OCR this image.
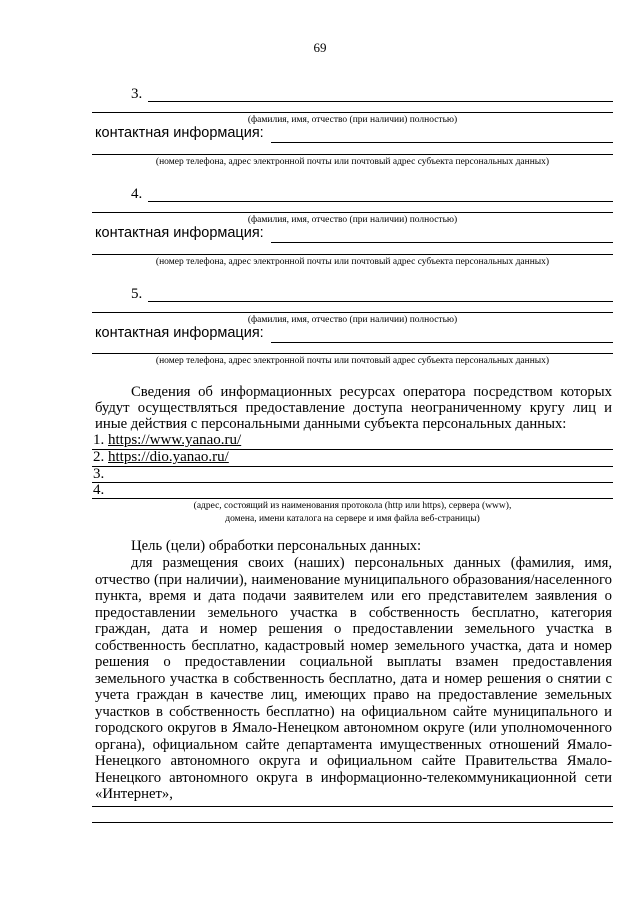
69
3.
(фамилия, имя, отчество (при наличии) полностью)
контактная информация:
(номер телефона, адрес электронной почты или почтовый адрес субъекта персональных данных)
4.
(фамилия, имя, отчество (при наличии) полностью)
контактная информация:
(номер телефона, адрес электронной почты или почтовый адрес субъекта персональных данных)
5.
(фамилия, имя, отчество (при наличии) полностью)
контактная информация:
(номер телефона, адрес электронной почты или почтовый адрес субъекта персональных данных)
Сведения об информационных ресурсах оператора посредством которых будут осуществляться предоставление доступа неограниченному кругу лиц и иные действия с персональными данными субъекта персональных данных:
1. https://www.yanao.ru/
2. https://dio.yanao.ru/
3.
4.
(адрес, состоящий из наименования протокола (http или https), сервера (www),
домена, имени каталога на сервере и имя файла веб-страницы)
Цель (цели) обработки персональных данных:
для размещения своих (наших) персональных данных (фамилия, имя, отчество (при наличии), наименование муниципального образования/населенного пункта, время и дата подачи заявителем или его представителем заявления о предоставлении земельного участка в собственность бесплатно, категория граждан, дата и номер решения о предоставлении земельного участка в собственность бесплатно, кадастровый номер земельного участка, дата и номер решения о предоставлении социальной выплаты взамен предоставления земельного участка в собственность бесплатно, дата и номер решения о снятии с учета граждан в качестве лиц, имеющих право на предоставление земельных участков в собственность бесплатно) на официальном сайте муниципального и городского округов в Ямало-Ненецком автономном округе (или уполномоченного органа), официальном сайте департамента имущественных отношений Ямало-Ненецкого автономного округа и официальном сайте Правительства Ямало-Ненецкого автономного округа в информационно-телекоммуникационной сети «Интернет»,
